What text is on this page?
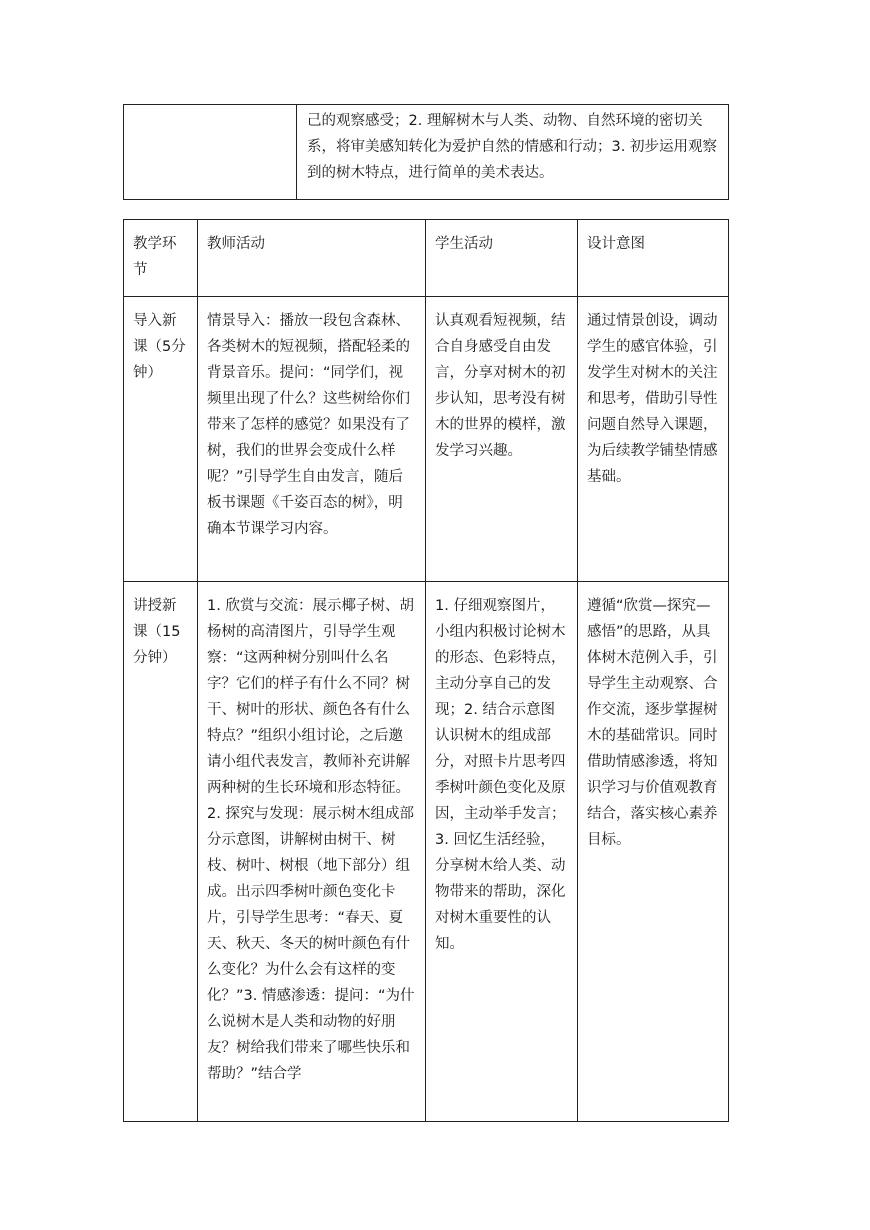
己的观察感受；2. 理解树木与人类、动物、自然环境的密切关系，将审美感知转化为爱护自然的情感和行动；3. 初步运用观察到的树木特点，进行简单的美术表达。
教学环节	教师活动	学生活动	设计意图

导入新课（5分钟）	情景导入：播放一段包含森林、各类树木的短视频，搭配轻柔的背景音乐。提问：“同学们，视频里出现了什么？这些树给你们带来了怎样的感觉？如果没有了树，我们的世界会变成什么样呢？”引导学生自由发言，随后板书课题《千姿百态的树》，明确本节课学习内容。	认真观看短视频，结合自身感受自由发言，分享对树木的初步认知，思考没有树木的世界的模样，激发学习兴趣。	通过情景创设，调动学生的感官体验，引发学生对树木的关注和思考，借助引导性问题自然导入课题，为后续教学铺垫情感基础。

讲授新课（15分钟）	1. 欣赏与交流：展示椰子树、胡杨树的高清图片，引导学生观察：“这两种树分别叫什么名字？它们的样子有什么不同？树干、树叶的形状、颜色各有什么特点？”组织小组讨论，之后邀请小组代表发言，教师补充讲解两种树的生长环境和形态特征。2. 探究与发现：展示树木组成部分示意图，讲解树由树干、树枝、树叶、树根（地下部分）组成。出示四季树叶颜色变化卡片，引导学生思考：“春天、夏天、秋天、冬天的树叶颜色有什么变化？为什么会有这样的变化？”3. 情感渗透：提问：“为什么说树木是人类和动物的好朋友？树给我们带来了哪些快乐和帮助？”结合学	1. 仔细观察图片，小组内积极讨论树木的形态、色彩特点，主动分享自己的发现；2. 结合示意图认识树木的组成部分，对照卡片思考四季树叶颜色变化及原因，主动举手发言；3. 回忆生活经验，分享树木给人类、动物带来的帮助，深化对树木重要性的认知。	遵循“欣赏—探究—感悟”的思路，从具体树木范例入手，引导学生主动观察、合作交流，逐步掌握树木的基础常识。同时借助情感渗透，将知识学习与价值观教育结合，落实核心素养目标。
